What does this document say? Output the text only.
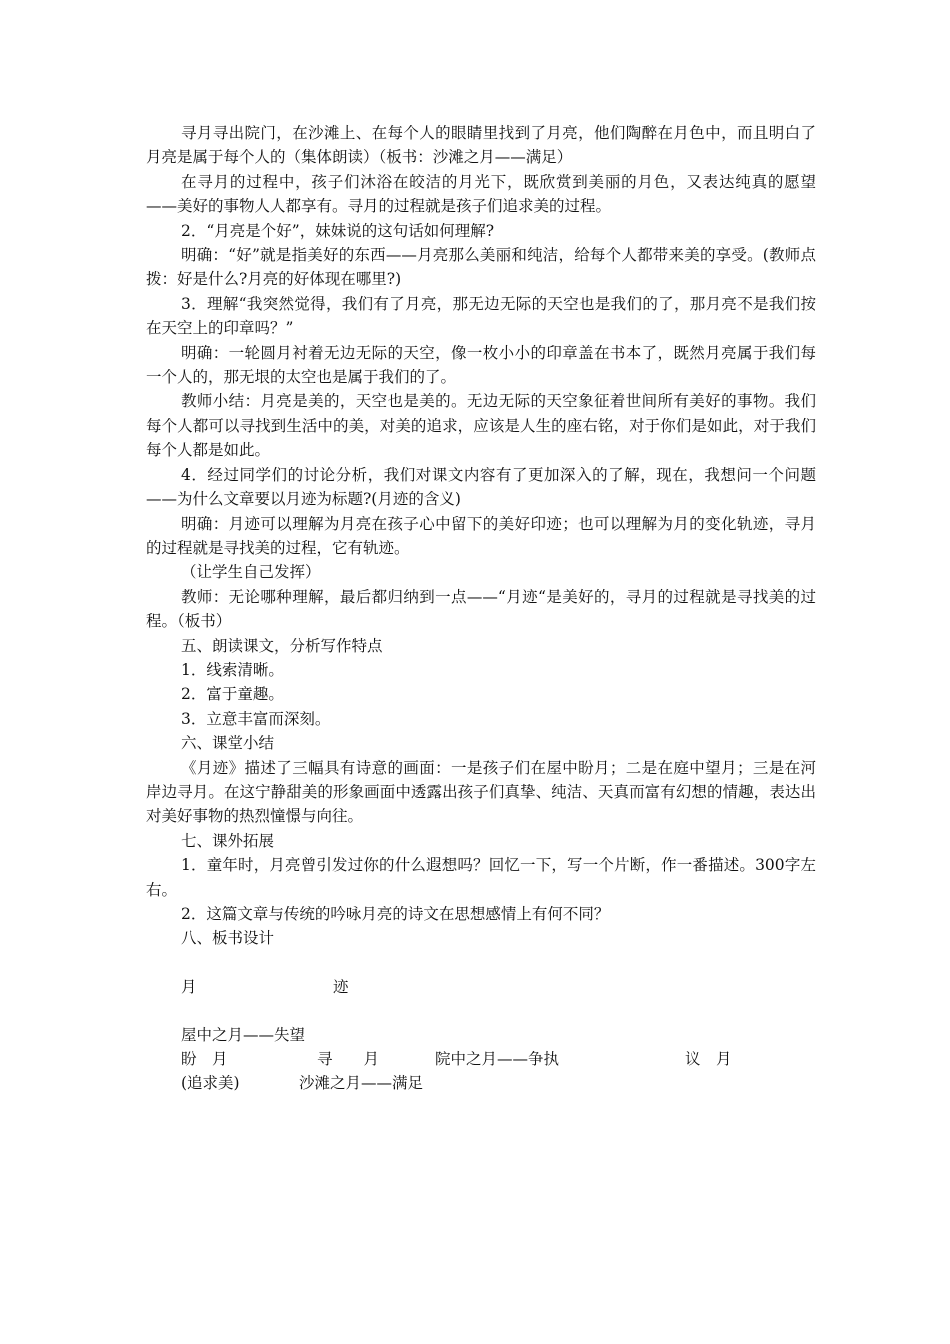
寻月寻出院门，在沙滩上、在每个人的眼睛里找到了月亮，他们陶醉在月色中，而且明白了月亮是属于每个人的（集体朗读）（板书：沙滩之月——满足）

在寻月的过程中，孩子们沐浴在皎洁的月光下，既欣赏到美丽的月色，又表达纯真的愿望——美好的事物人人都享有。寻月的过程就是孩子们追求美的过程。

2．“月亮是个好”，妹妹说的这句话如何理解?

明确：“好”就是指美好的东西——月亮那么美丽和纯洁，给每个人都带来美的享受。(教师点拨：好是什么?月亮的好体现在哪里?)

3．理解“我突然觉得，我们有了月亮，那无边无际的天空也是我们的了，那月亮不是我们按在天空上的印章吗？”

明确：一轮圆月衬着无边无际的天空，像一枚小小的印章盖在书本了，既然月亮属于我们每一个人的，那无垠的太空也是属于我们的了。

教师小结：月亮是美的，天空也是美的。无边无际的天空象征着世间所有美好的事物。我们每个人都可以寻找到生活中的美，对美的追求，应该是人生的座右铭，对于你们是如此，对于我们每个人都是如此。

4．经过同学们的讨论分析，我们对课文内容有了更加深入的了解，现在，我想问一个问题——为什么文章要以月迹为标题?(月迹的含义)

明确：月迹可以理解为月亮在孩子心中留下的美好印迹；也可以理解为月的变化轨迹，寻月的过程就是寻找美的过程，它有轨迹。

（让学生自己发挥）

教师：无论哪种理解，最后都归纳到一点——“月迹“是美好的，寻月的过程就是寻找美的过程。（板书）

五、朗读课文，分析写作特点

1．线索清晰。

2．富于童趣。

3．立意丰富而深刻。

六、课堂小结

《月迹》描述了三幅具有诗意的画面：一是孩子们在屋中盼月；二是在庭中望月；三是在河岸边寻月。在这宁静甜美的形象画面中透露出孩子们真挚、纯洁、天真而富有幻想的情趣，表达出对美好事物的热烈憧憬与向往。

七、课外拓展

1．童年时，月亮曾引发过你的什么遐想吗？回忆一下，写一个片断，作一番描述。300字左右。

2．这篇文章与传统的吟咏月亮的诗文在思想感情上有何不同？

八、板书设计

月	迹
屋中之月——失望
盼　月	寻　　月	院中之月——争执	议　月
(追求美)	沙滩之月——满足
